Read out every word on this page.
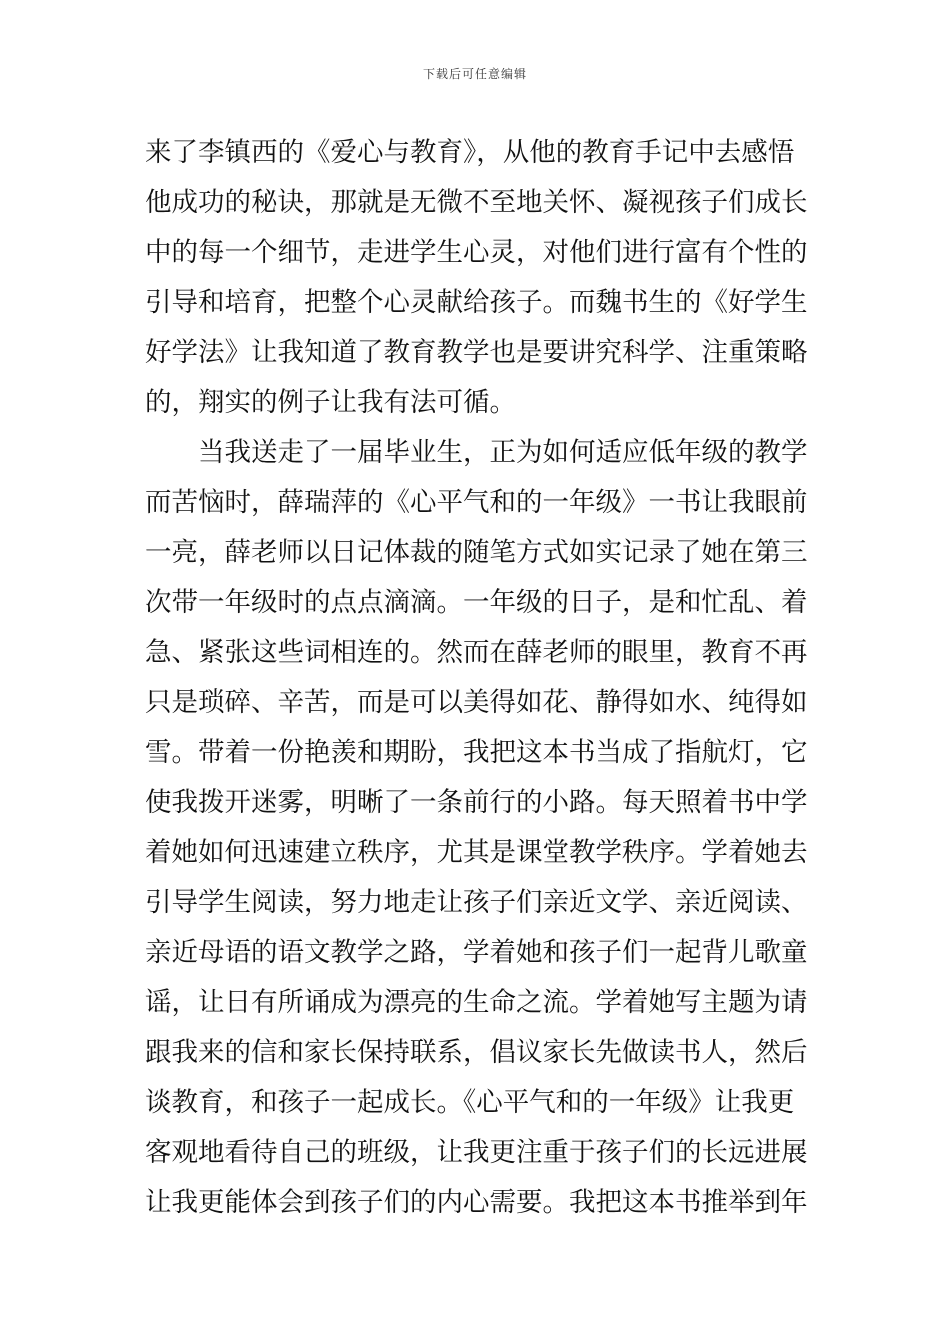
下载后可任意编辑
来了李镇西的《爱心与教育》，从他的教育手记中去感悟
他成功的秘诀，那就是无微不至地关怀、凝视孩子们成长
中的每一个细节，走进学生心灵，对他们进行富有个性的
引导和培育，把整个心灵献给孩子。而魏书生的《好学生
好学法》让我知道了教育教学也是要讲究科学、注重策略
的，翔实的例子让我有法可循。
当我送走了一届毕业生，正为如何适应低年级的教学
而苦恼时，薛瑞萍的《心平气和的一年级》一书让我眼前
一亮，薛老师以日记体裁的随笔方式如实记录了她在第三
次带一年级时的点点滴滴。一年级的日子，是和忙乱、着
急、紧张这些词相连的。然而在薛老师的眼里，教育不再
只是琐碎、辛苦，而是可以美得如花、静得如水、纯得如
雪。带着一份艳羡和期盼，我把这本书当成了指航灯，它
使我拨开迷雾，明晰了一条前行的小路。每天照着书中学
着她如何迅速建立秩序，尤其是课堂教学秩序。学着她去
引导学生阅读，努力地走让孩子们亲近文学、亲近阅读、
亲近母语的语文教学之路，学着她和孩子们一起背儿歌童
谣，让日有所诵成为漂亮的生命之流。学着她写主题为请
跟我来的信和家长保持联系，倡议家长先做读书人，然后
谈教育，和孩子一起成长。《心平气和的一年级》让我更
客观地看待自己的班级，让我更注重于孩子们的长远进展
让我更能体会到孩子们的内心需要。我把这本书推举到年
